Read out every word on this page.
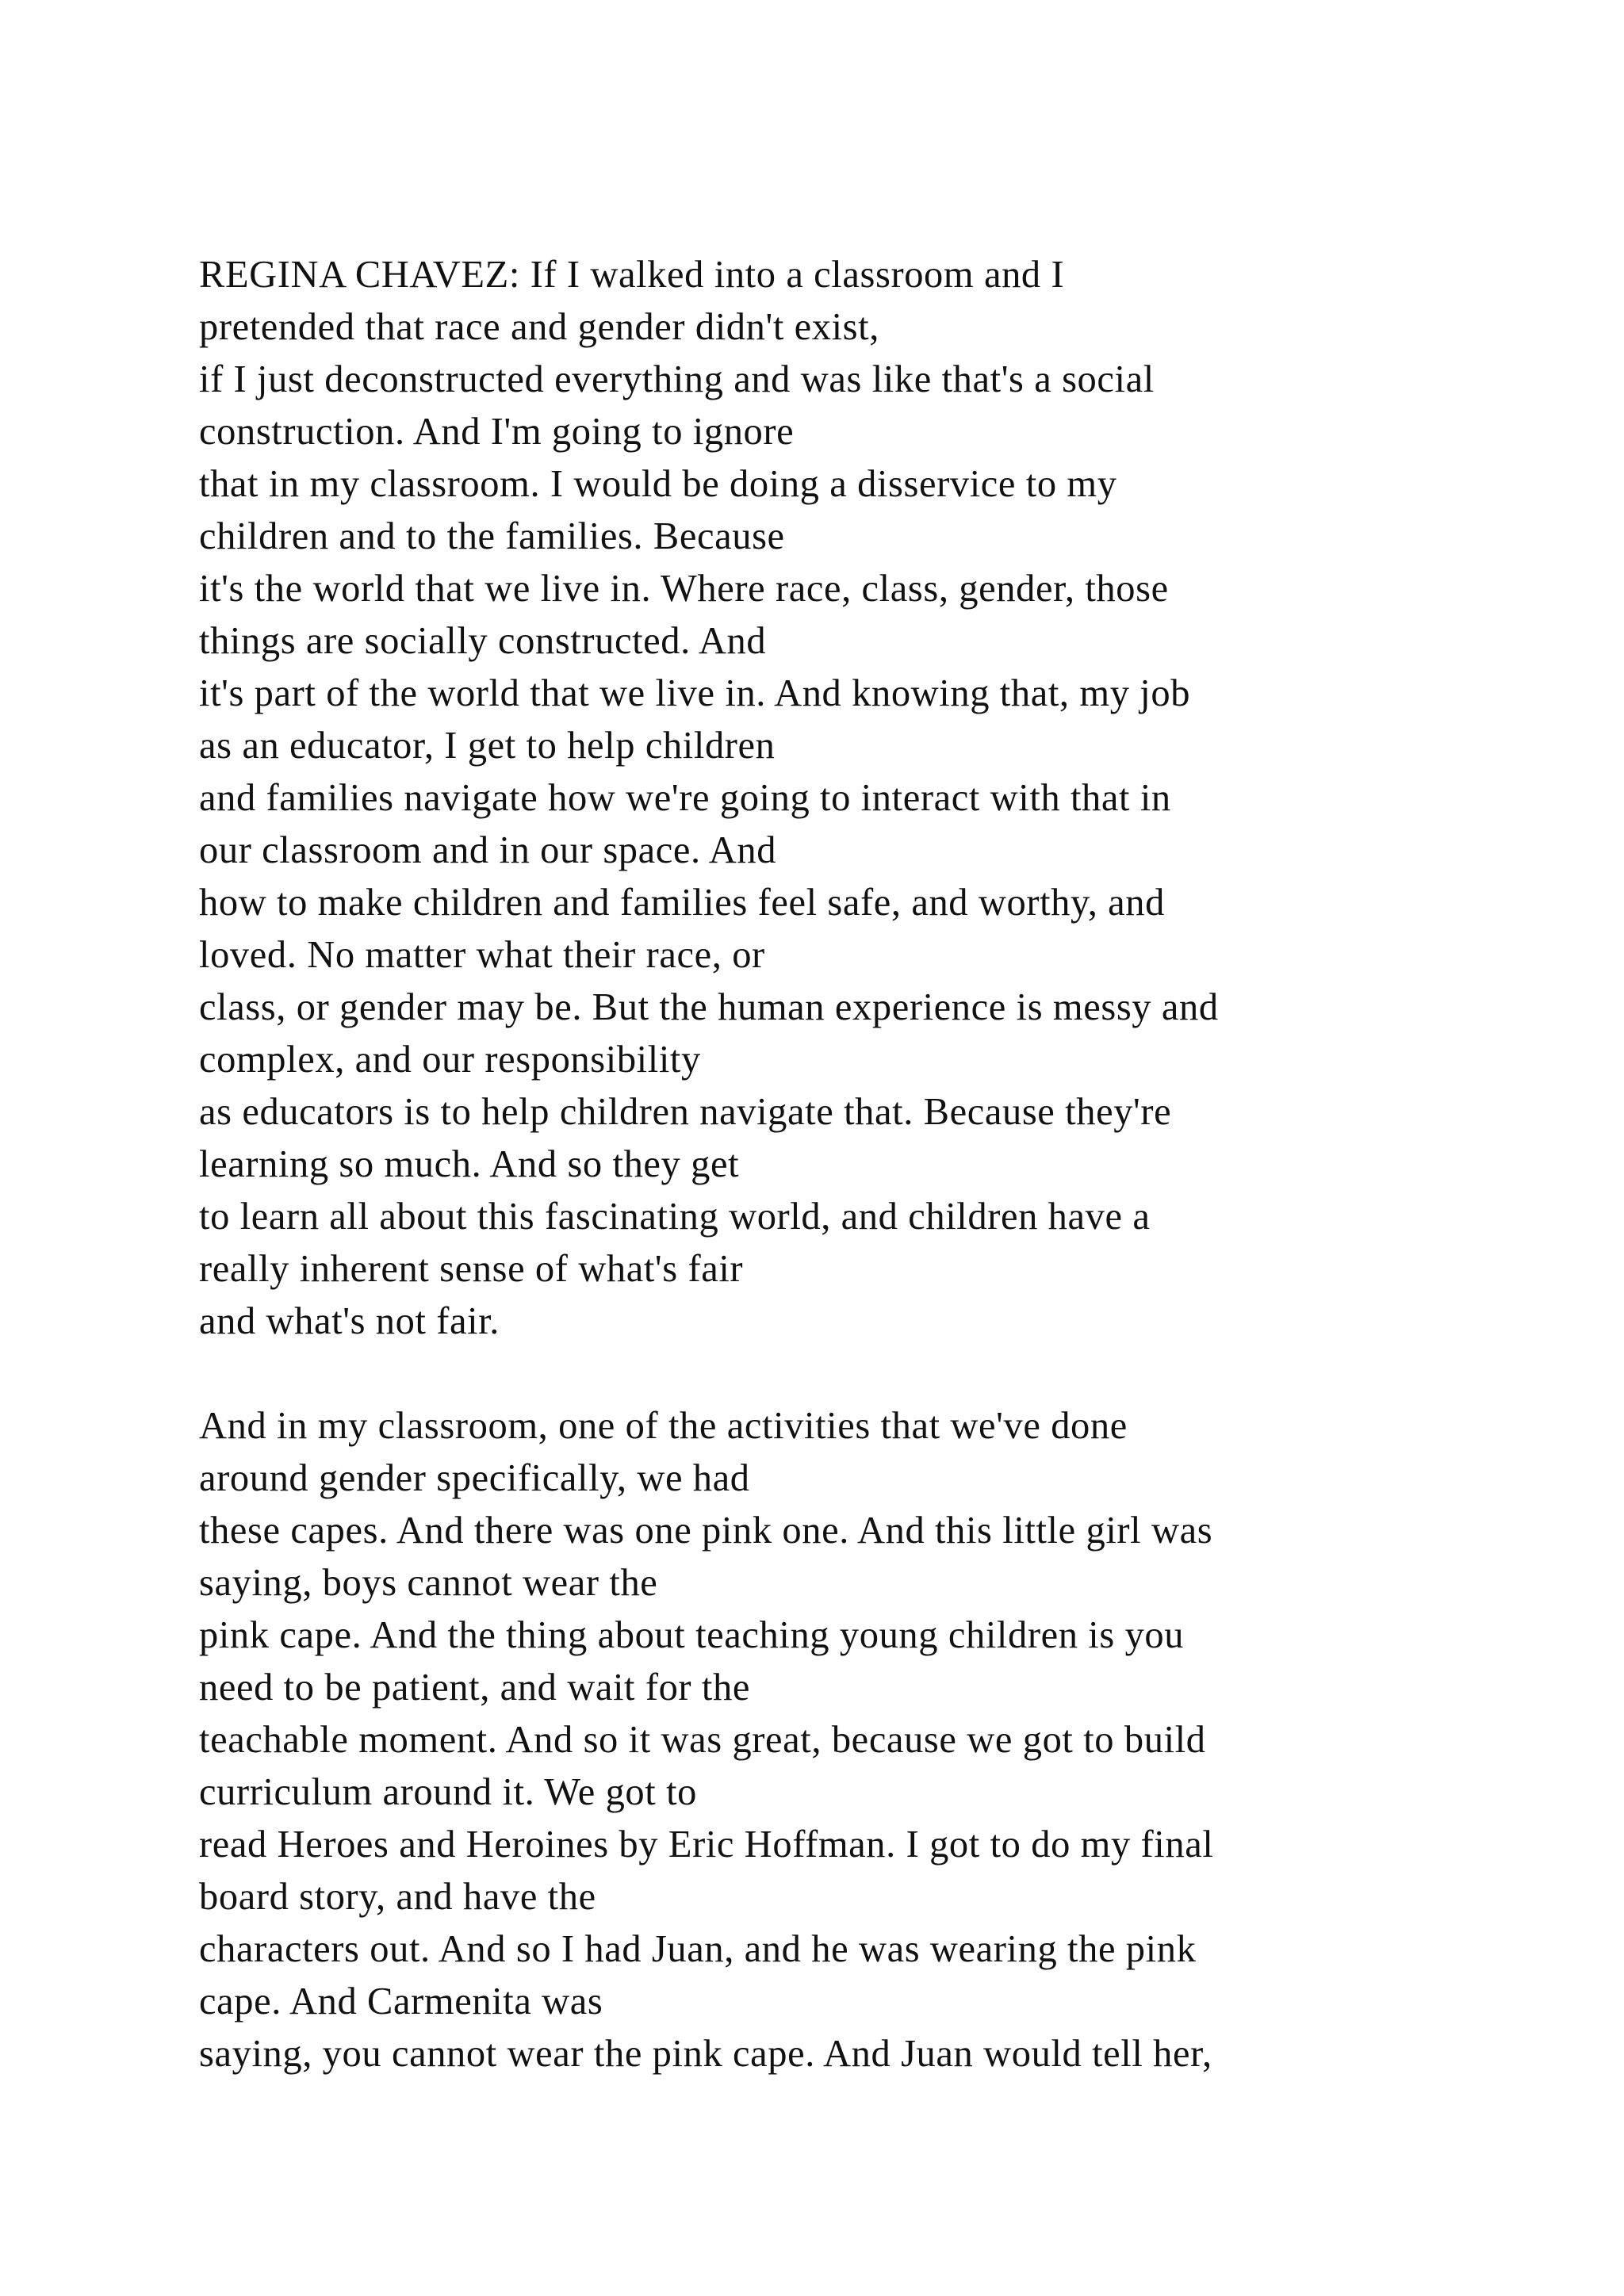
REGINA CHAVEZ: If I walked into a classroom and I
pretended that race and gender didn't exist,
if I just deconstructed everything and was like that's a social
construction. And I'm going to ignore
that in my classroom. I would be doing a disservice to my
children and to the families. Because
it's the world that we live in. Where race, class, gender, those
things are socially constructed. And
it's part of the world that we live in. And knowing that, my job
as an educator, I get to help children
and families navigate how we're going to interact with that in
our classroom and in our space. And
how to make children and families feel safe, and worthy, and
loved. No matter what their race, or
class, or gender may be. But the human experience is messy and
complex, and our responsibility
as educators is to help children navigate that. Because they're
learning so much. And so they get
to learn all about this fascinating world, and children have a
really inherent sense of what's fair
and what's not fair.
And in my classroom, one of the activities that we've done
around gender specifically, we had
these capes. And there was one pink one. And this little girl was
saying, boys cannot wear the
pink cape. And the thing about teaching young children is you
need to be patient, and wait for the
teachable moment. And so it was great, because we got to build
curriculum around it. We got to
read Heroes and Heroines by Eric Hoffman. I got to do my final
board story, and have the
characters out. And so I had Juan, and he was wearing the pink
cape. And Carmenita was
saying, you cannot wear the pink cape. And Juan would tell her,
